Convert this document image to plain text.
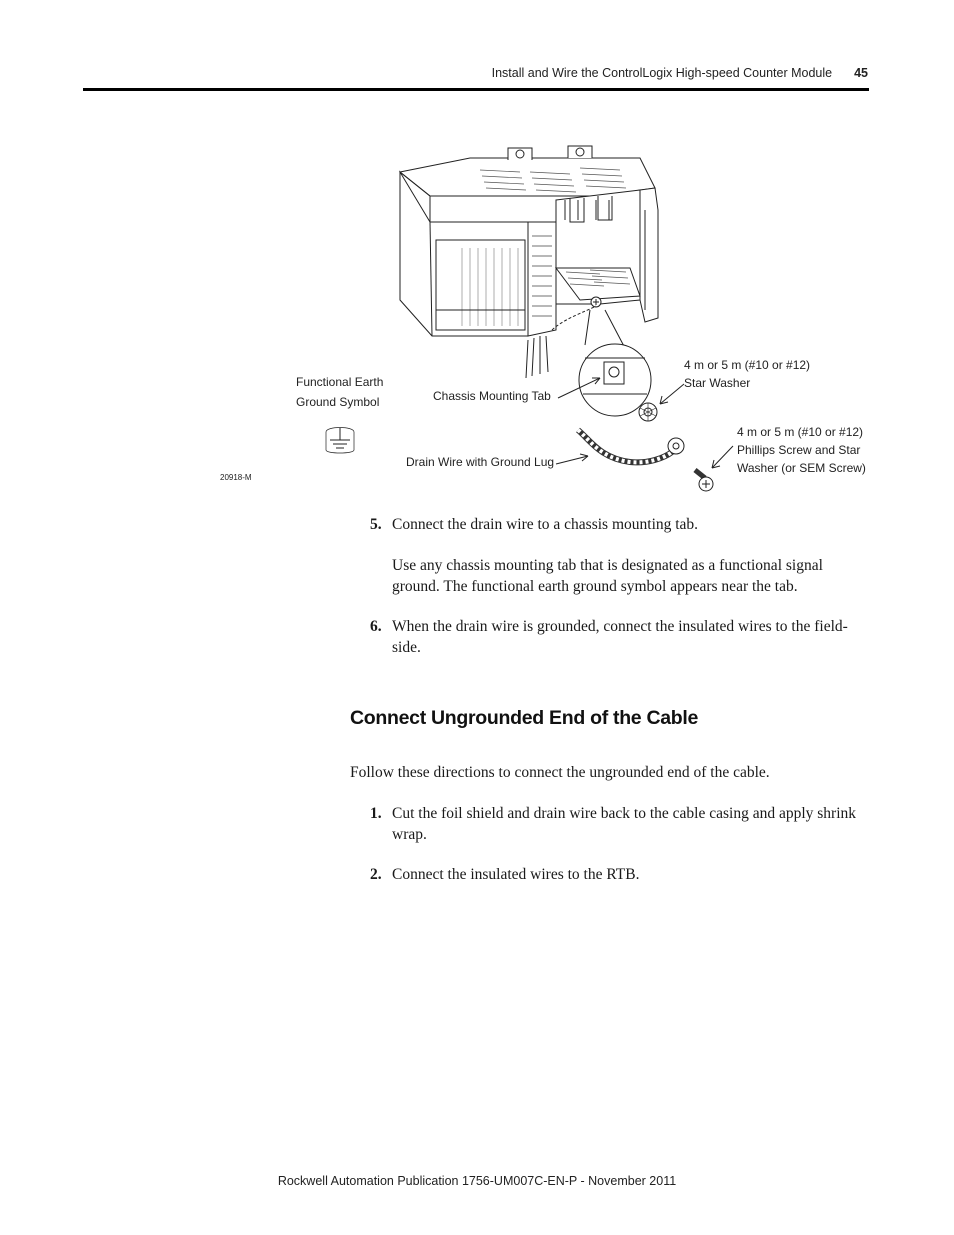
Install and Wire the ControlLogix High-speed Counter Module 45
Functional Earth
Ground Symbol	Chassis Mounting Tab
4 m or 5 m (#10 or #12)
Star Washer
Drain Wire with Ground Lug
4 m or 5 m (#10 or #12)
Phillips Screw and Star
Washer (or SEM Screw)
20918-M
5. Connect the drain wire to a chassis mounting tab.
Use any chassis mounting tab that is designated as a functional signal ground. The functional earth ground symbol appears near the tab.
6. When the drain wire is grounded, connect the insulated wires to the field-side.
Connect Ungrounded End of the Cable
Follow these directions to connect the ungrounded end of the cable.
1. Cut the foil shield and drain wire back to the cable casing and apply shrink wrap.
2. Connect the insulated wires to the RTB.
Rockwell Automation Publication 1756-UM007C-EN-P - November 2011
